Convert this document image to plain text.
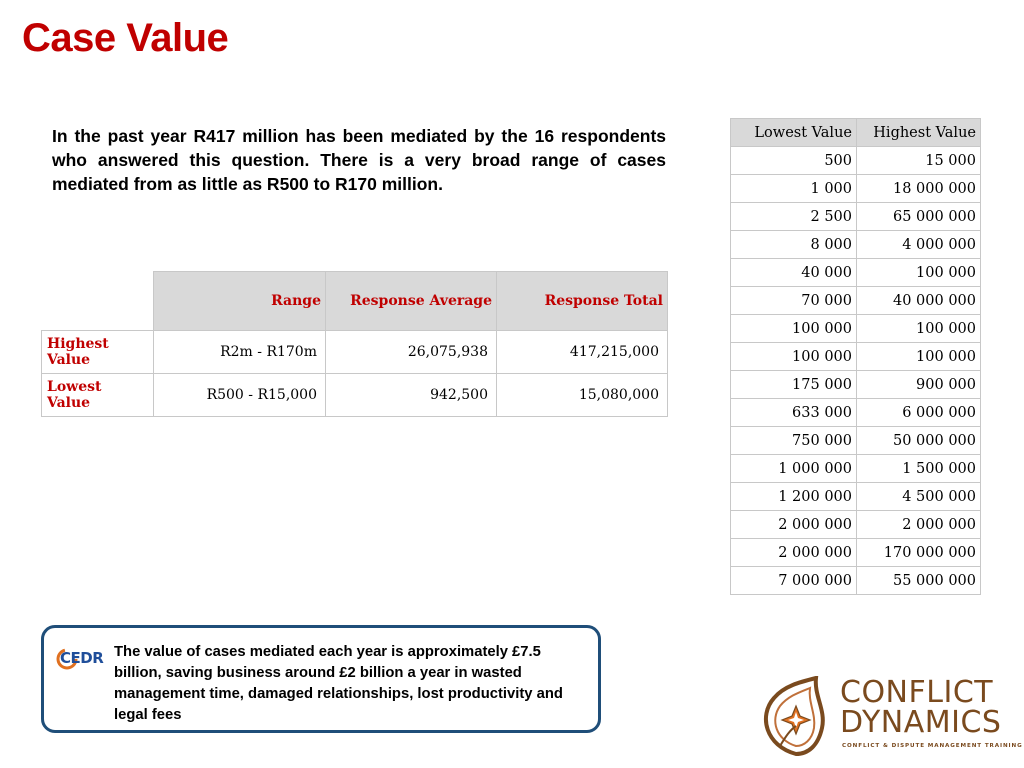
Case Value
In the past year R417 million has been mediated by the 16 respondents who answered this question. There is a very broad range of cases mediated from as little as R500 to R170 million.
	Range	Response Average	Response Total
Highest Value	R2m - R170m	26,075,938	417,215,000
Lowest Value	R500 - R15,000	942,500	15,080,000
Lowest Value	Highest Value
500	15 000
1 000	18 000 000
2 500	65 000 000
8 000	4 000 000
40 000	100 000
70 000	40 000 000
100 000	100 000
100 000	100 000
175 000	900 000
633 000	6 000 000
750 000	50 000 000
1 000 000	1 500 000
1 200 000	4 500 000
2 000 000	2 000 000
2 000 000	170 000 000
7 000 000	55 000 000
CEDR The value of cases mediated each year is approximately £7.5 billion, saving business around £2 billion a year in wasted management time, damaged relationships, lost productivity and legal fees
CONFLICT
DYNAMICS
CONFLICT & DISPUTE MANAGEMENT TRAINING
